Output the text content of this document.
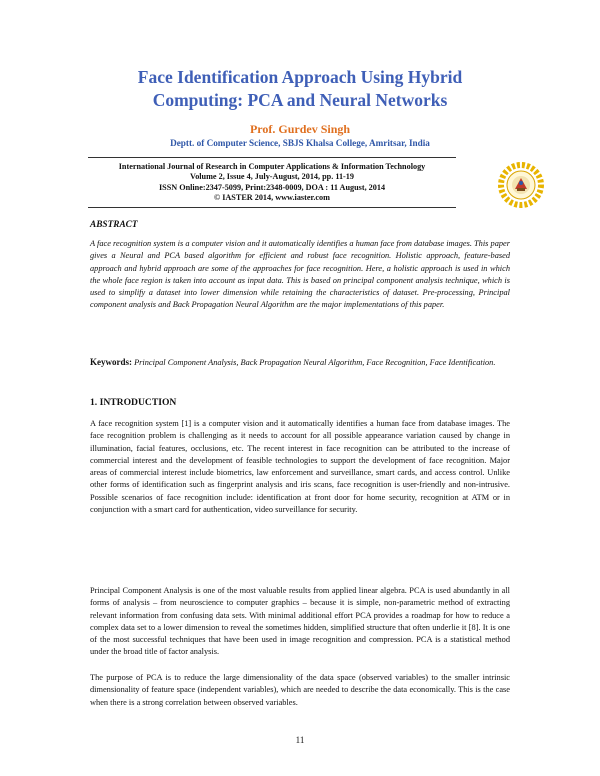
Face Identification Approach Using Hybrid
Computing: PCA and Neural Networks
Prof. Gurdev Singh
Deptt. of Computer Science, SBJS Khalsa College, Amritsar, India
International Journal of Research in Computer Applications & Information Technology
Volume 2, Issue 4, July-August, 2014, pp. 11-19
ISSN Online:2347-5099, Print:2348-0009, DOA : 11 August, 2014
© IASTER 2014, www.iaster.com
ABSTRACT
A face recognition system is a computer vision and it automatically identifies a human face from database images. This paper gives a Neural and PCA based algorithm for efficient and robust face recognition. Holistic approach, feature-based approach and hybrid approach are some of the approaches for face recognition. Here, a holistic approach is used in which the whole face region is taken into account as input data. This is based on principal component analysis technique, which is used to simplify a dataset into lower dimension while retaining the characteristics of dataset. Pre-processing, Principal component analysis and Back Propagation Neural Algorithm are the major implementations of this paper.
Keywords: Principal Component Analysis, Back Propagation Neural Algorithm, Face Recognition, Face Identification.
1. INTRODUCTION
A face recognition system [1] is a computer vision and it automatically identifies a human face from database images. The face recognition problem is challenging as it needs to account for all possible appearance variation caused by change in illumination, facial features, occlusions, etc. The recent interest in face recognition can be attributed to the increase of commercial interest and the development of feasible technologies to support the development of face recognition. Major areas of commercial interest include biometrics, law enforcement and surveillance, smart cards, and access control. Unlike other forms of identification such as fingerprint analysis and iris scans, face recognition is user-friendly and non-intrusive. Possible scenarios of face recognition include: identification at front door for home security, recognition at ATM or in conjunction with a smart card for authentication, video surveillance for security.
Principal Component Analysis is one of the most valuable results from applied linear algebra. PCA is used abundantly in all forms of analysis – from neuroscience to computer graphics – because it is simple, non-parametric method of extracting relevant information from confusing data sets. With minimal additional effort PCA provides a roadmap for how to reduce a complex data set to a lower dimension to reveal the sometimes hidden, simplified structure that often underlie it [8]. It is one of the most successful techniques that have been used in image recognition and compression. PCA is a statistical method under the broad title of factor analysis.
The purpose of PCA is to reduce the large dimensionality of the data space (observed variables) to the smaller intrinsic dimensionality of feature space (independent variables), which are needed to describe the data economically. This is the case when there is a strong correlation between observed variables.
11
